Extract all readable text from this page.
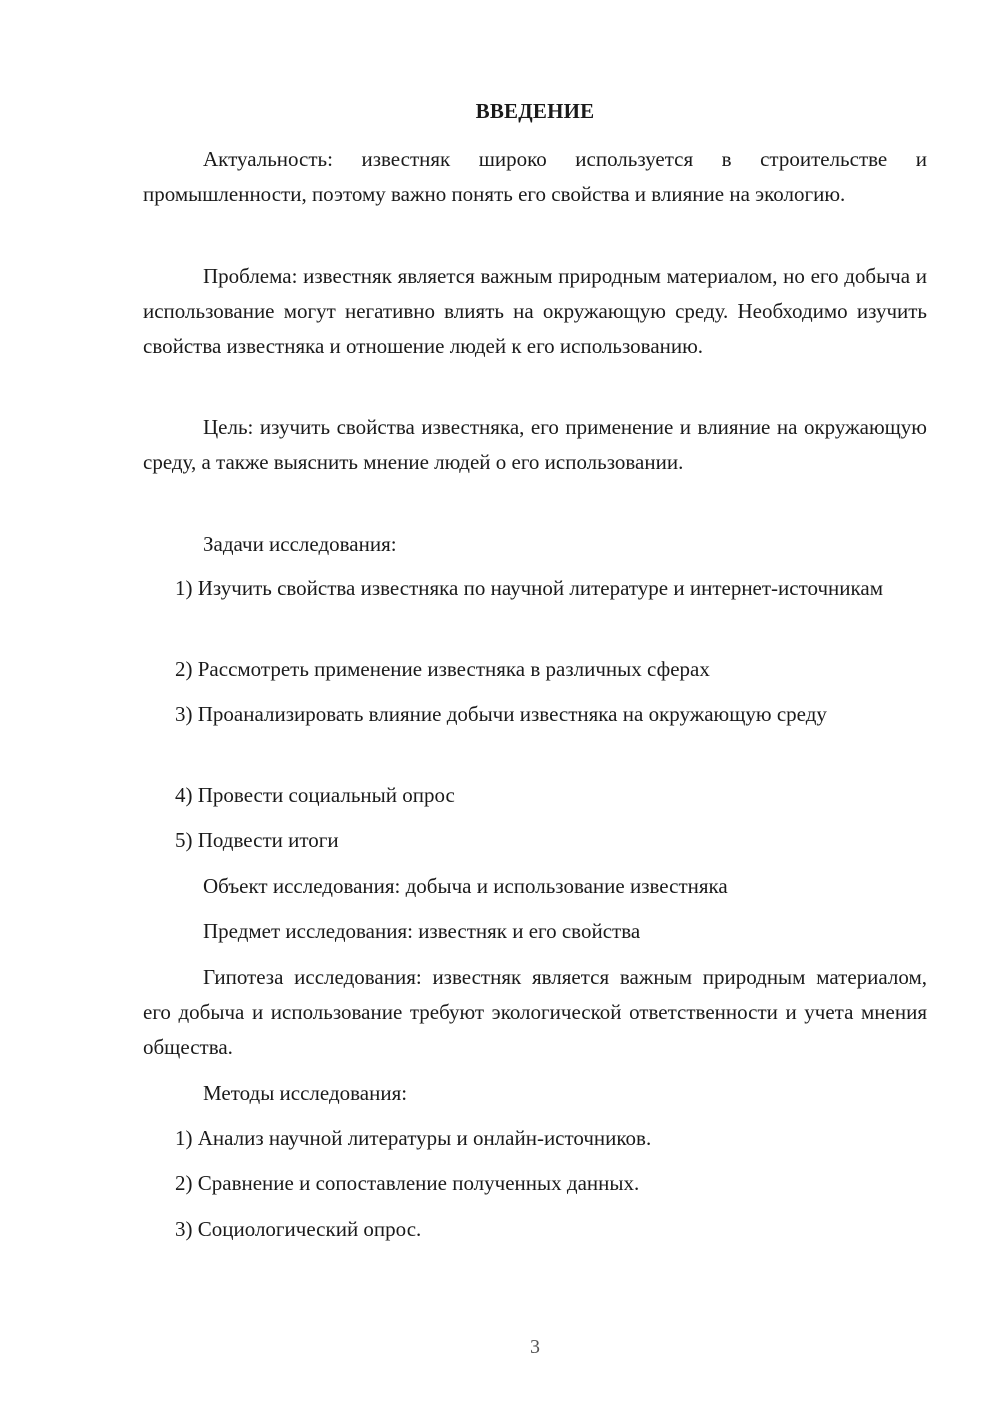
ВВЕДЕНИЕ

Актуальность: известняк широко используется в строительстве и промышленности, поэтому важно понять его свойства и влияние на экологию.

Проблема: известняк является важным природным материалом, но его добыча и использование могут негативно влиять на окружающую среду. Необходимо изучить свойства известняка и отношение людей к его использованию.

Цель: изучить свойства известняка, его применение и влияние на окружающую среду, а также выяснить мнение людей о его использовании.

Задачи исследования:

1) Изучить свойства известняка по научной литературе и интернет-источникам

2) Рассмотреть применение известняка в различных сферах

3) Проанализировать влияние добычи известняка на окружающую среду

4) Провести социальный опрос

5) Подвести итоги

Объект исследования: добыча и использование известняка

Предмет исследования: известняк и его свойства

Гипотеза исследования: известняк является важным природным материалом, его добыча и использование требуют экологической ответственности и учета мнения общества.

Методы исследования:

1) Анализ научной литературы и онлайн-источников.

2) Сравнение и сопоставление полученных данных.

3) Социологический опрос.

3
